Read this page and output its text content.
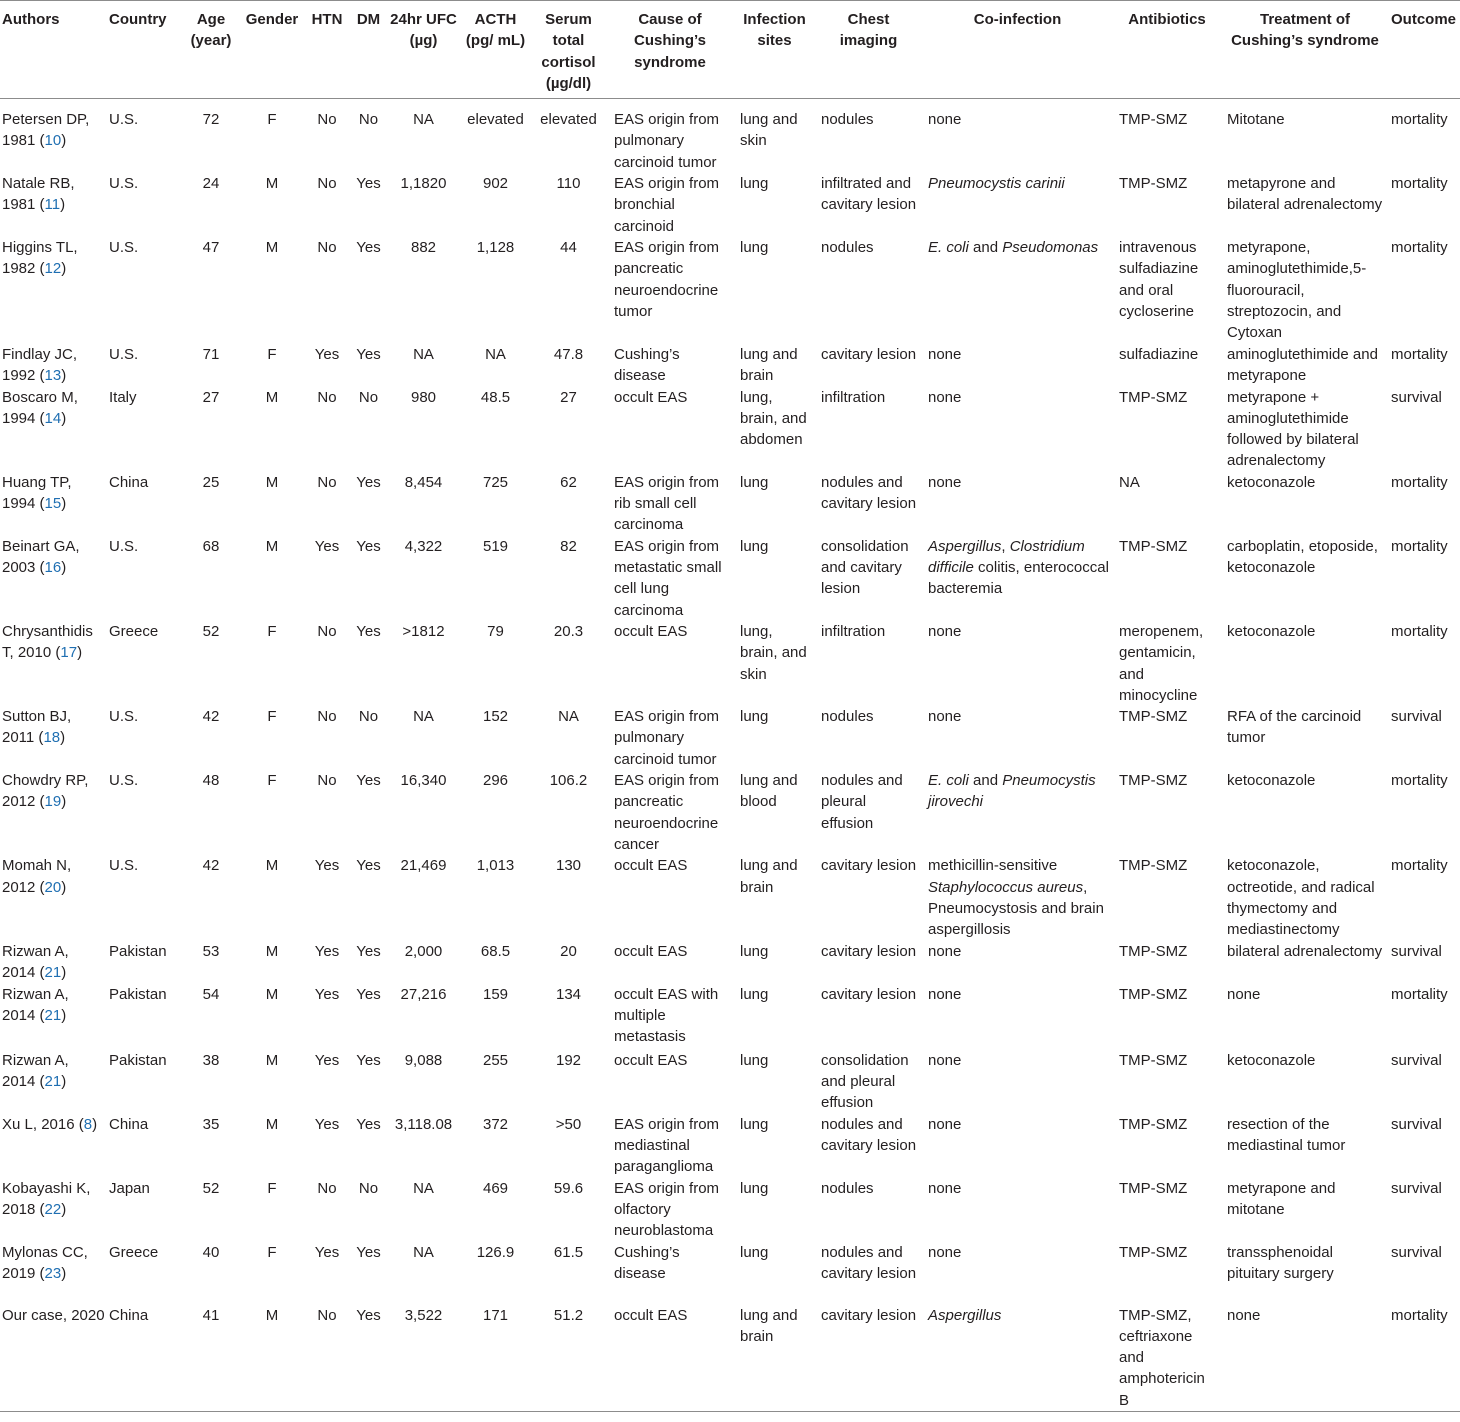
Authors	Country	Age (year)	Gender	HTN	DM	24hr UFC (µg)	ACTH (pg/ mL)	Serum total cortisol (µg/dl)	Cause of Cushing’s syndrome	Infection sites	Chest imaging	Co-infection	Antibiotics	Treatment of Cushing’s syndrome	Outcome
Petersen DP, 1981 (10)	U.S.	72	F	No	No	NA	elevated	elevated	EAS origin from pulmonary carcinoid tumor	lung and skin	nodules	none	TMP-SMZ	Mitotane	mortality
Natale RB, 1981 (11)	U.S.	24	M	No	Yes	1,1820	902	110	EAS origin from bronchial carcinoid	lung	infiltrated and cavitary lesion	Pneumocystis carinii	TMP-SMZ	metapyrone and bilateral adrenalectomy	mortality
Higgins TL, 1982 (12)	U.S.	47	M	No	Yes	882	1,128	44	EAS origin from pancreatic neuroendocrine tumor	lung	nodules	E. coli and Pseudomonas	intravenous sulfadiazine and oral cycloserine	metyrapone, aminoglutethimide,5-fluorouracil, streptozocin, and Cytoxan	mortality
Findlay JC, 1992 (13)	U.S.	71	F	Yes	Yes	NA	NA	47.8	Cushing’s disease	lung and brain	cavitary lesion	none	sulfadiazine	aminoglutethimide and metyrapone	mortality
Boscaro M, 1994 (14)	Italy	27	M	No	No	980	48.5	27	occult EAS	lung, brain, and abdomen	infiltration	none	TMP-SMZ	metyrapone + aminoglutethimide followed by bilateral adrenalectomy	survival
Huang TP, 1994 (15)	China	25	M	No	Yes	8,454	725	62	EAS origin from rib small cell carcinoma	lung	nodules and cavitary lesion	none	NA	ketoconazole	mortality
Beinart GA, 2003 (16)	U.S.	68	M	Yes	Yes	4,322	519	82	EAS origin from metastatic small cell lung carcinoma	lung	consolidation and cavitary lesion	Aspergillus, Clostridium difficile colitis, enterococcal bacteremia	TMP-SMZ	carboplatin, etoposide, ketoconazole	mortality
Chrysanthidis T, 2010 (17)	Greece	52	F	No	Yes	>1812	79	20.3	occult EAS	lung, brain, and skin	infiltration	none	meropenem, gentamicin, and minocycline	ketoconazole	mortality
Sutton BJ, 2011 (18)	U.S.	42	F	No	No	NA	152	NA	EAS origin from pulmonary carcinoid tumor	lung	nodules	none	TMP-SMZ	RFA of the carcinoid tumor	survival
Chowdry RP, 2012 (19)	U.S.	48	F	No	Yes	16,340	296	106.2	EAS origin from pancreatic neuroendocrine cancer	lung and blood	nodules and pleural effusion	E. coli and Pneumocystis jirovechi	TMP-SMZ	ketoconazole	mortality
Momah N, 2012 (20)	U.S.	42	M	Yes	Yes	21,469	1,013	130	occult EAS	lung and brain	cavitary lesion	methicillin-sensitive Staphylococcus aureus, Pneumocystosis and brain aspergillosis	TMP-SMZ	ketoconazole, octreotide, and radical thymectomy and mediastinectomy	mortality
Rizwan A, 2014 (21)	Pakistan	53	M	Yes	Yes	2,000	68.5	20	occult EAS	lung	cavitary lesion	none	TMP-SMZ	bilateral adrenalectomy	survival
Rizwan A, 2014 (21)	Pakistan	54	M	Yes	Yes	27,216	159	134	occult EAS with multiple metastasis	lung	cavitary lesion	none	TMP-SMZ	none	mortality
Rizwan A, 2014 (21)	Pakistan	38	M	Yes	Yes	9,088	255	192	occult EAS	lung	consolidation and pleural effusion	none	TMP-SMZ	ketoconazole	survival
Xu L, 2016 (8)	China	35	M	Yes	Yes	3,118.08	372	>50	EAS origin from mediastinal paraganglioma	lung	nodules and cavitary lesion	none	TMP-SMZ	resection of the mediastinal tumor	survival
Kobayashi K, 2018 (22)	Japan	52	F	No	No	NA	469	59.6	EAS origin from olfactory neuroblastoma	lung	nodules	none	TMP-SMZ	metyrapone and mitotane	survival
Mylonas CC, 2019 (23)	Greece	40	F	Yes	Yes	NA	126.9	61.5	Cushing’s disease	lung	nodules and cavitary lesion	none	TMP-SMZ	transsphenoidal pituitary surgery	survival
Our case, 2020	China	41	M	No	Yes	3,522	171	51.2	occult EAS	lung and brain	cavitary lesion	Aspergillus	TMP-SMZ, ceftriaxone and amphotericin B	none	mortality
